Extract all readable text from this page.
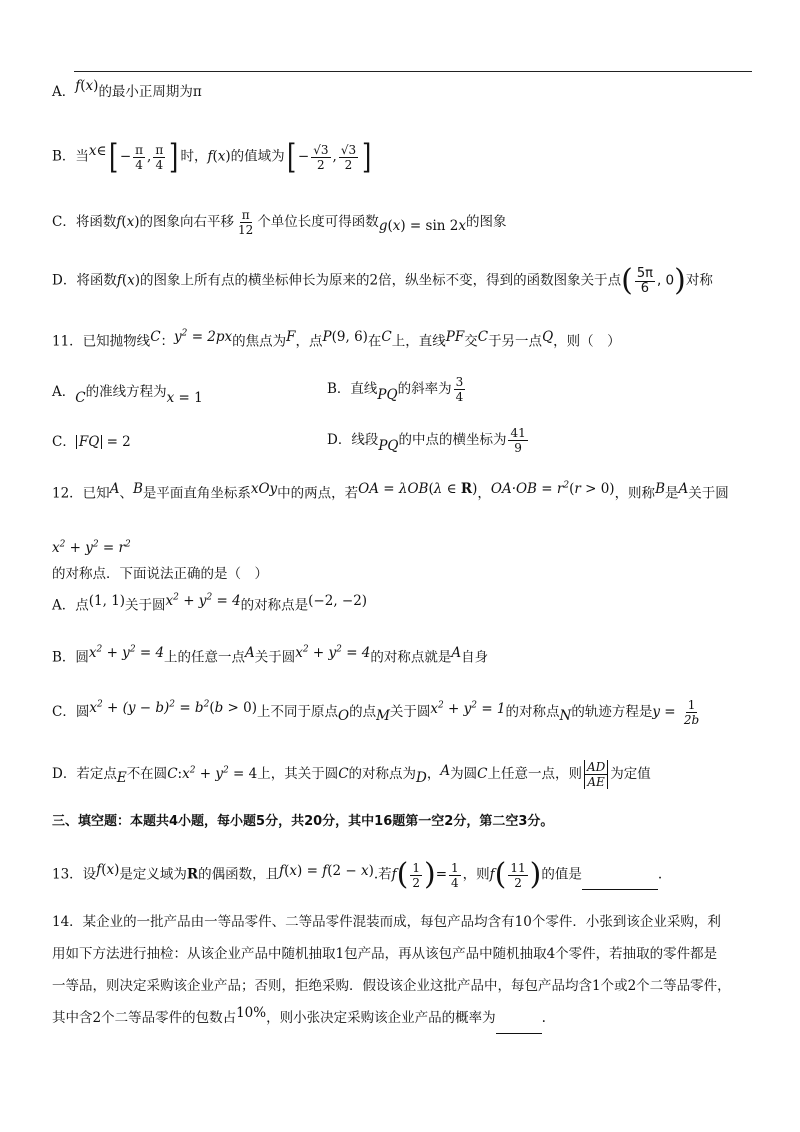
A．f(x)的最小正周期为π
B．当x∈[ − $\frac{\pi}{4}$ , $\frac{\pi}{4}$ ] 时，f(x)的值域为[ − $\frac{√3}{2}$ , $\frac{√3}{2}$ ]
C．将函数f(x)的图象向右平移 $\frac{\pi}{12}$ 个单位长度可得函数g(x) = sin 2x的图象
D．将函数f(x)的图象上所有点的横坐标伸长为原来的2倍，纵坐标不变，得到的函数图象关于点( $\frac{5\pi}{6}$ , 0)对称
11．已知抛物线C：$y^2 = 2px$的焦点为F，点P(9, 6)在C上，直线PF交C于另一点Q，则（　）
A．C的准线方程为x = 1
B．直线PQ的斜率为 $\frac{3}{4}$
C． FQ = 2	D．线段PQ的中点的横坐标为 $\frac{41}{9}$
12．已知A、B是平面直角坐标系xOy中的两点，若OA = λOB(λ ∈ R)，$OA\cdot OB = r^2(r > 0)$，则称B是A关于圆
$x^2 + y^2 = r^2$
的对称点．下面说法正确的是（　）
A．点(1, 1)关于圆$x^2 + y^2 = 4$的对称点是(−2, −2)
B．圆$x^2 + y^2 = 4$上的任意一点A关于圆$x^2 + y^2 = 4$的对称点就是A自身
C．圆$x^2 + (y - b)^2 = b^2(b > 0)$上不同于原点O的点M关于圆$x^2 + y^2 = 1$的对称点N的轨迹方程是$y = \frac{1}{2b}$
D．若定点E不在圆$C:x^2 + y^2 = 4$上，其关于圆C的对称点为D，A为圆C上任意一点，则 $\frac{AD}{AE}$ 为定值
三、填空题：本题共4小题，每小题5分，共20分，其中16题第一空2分，第二空3分。
13．设f(x)是定义域为R的偶函数，且f(x) = f(2 − x).若$f( \frac{1}{2}$ )= $\frac{1}{4}$ ，则$f( \frac{11}{2}$ )的值是	.
14．某企业的一批产品由一等品零件、二等品零件混装而成，每包产品均含有10个零件．小张到该企业采购，利
用如下方法进行抽检：从该企业产品中随机抽取1包产品，再从该包产品中随机抽取4个零件，若抽取的零件都是
一等品，则决定采购该企业产品；否则，拒绝采购．假设该企业这批产品中，每包产品均含1个或2个二等品零件，
其中含2个二等品零件的包数占10%，则小张决定采购该企业产品的概率为	.
